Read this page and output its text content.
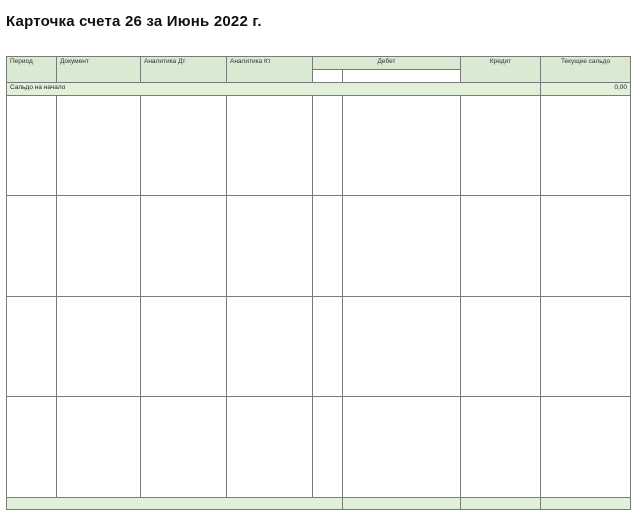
Карточка счета 26 за Июнь 2022 г.
Период	Документ	Аналитика Дт	Аналитика Кт	Дебет		Кредит	Текущее сальдо

Сальдо на начало							0,00
